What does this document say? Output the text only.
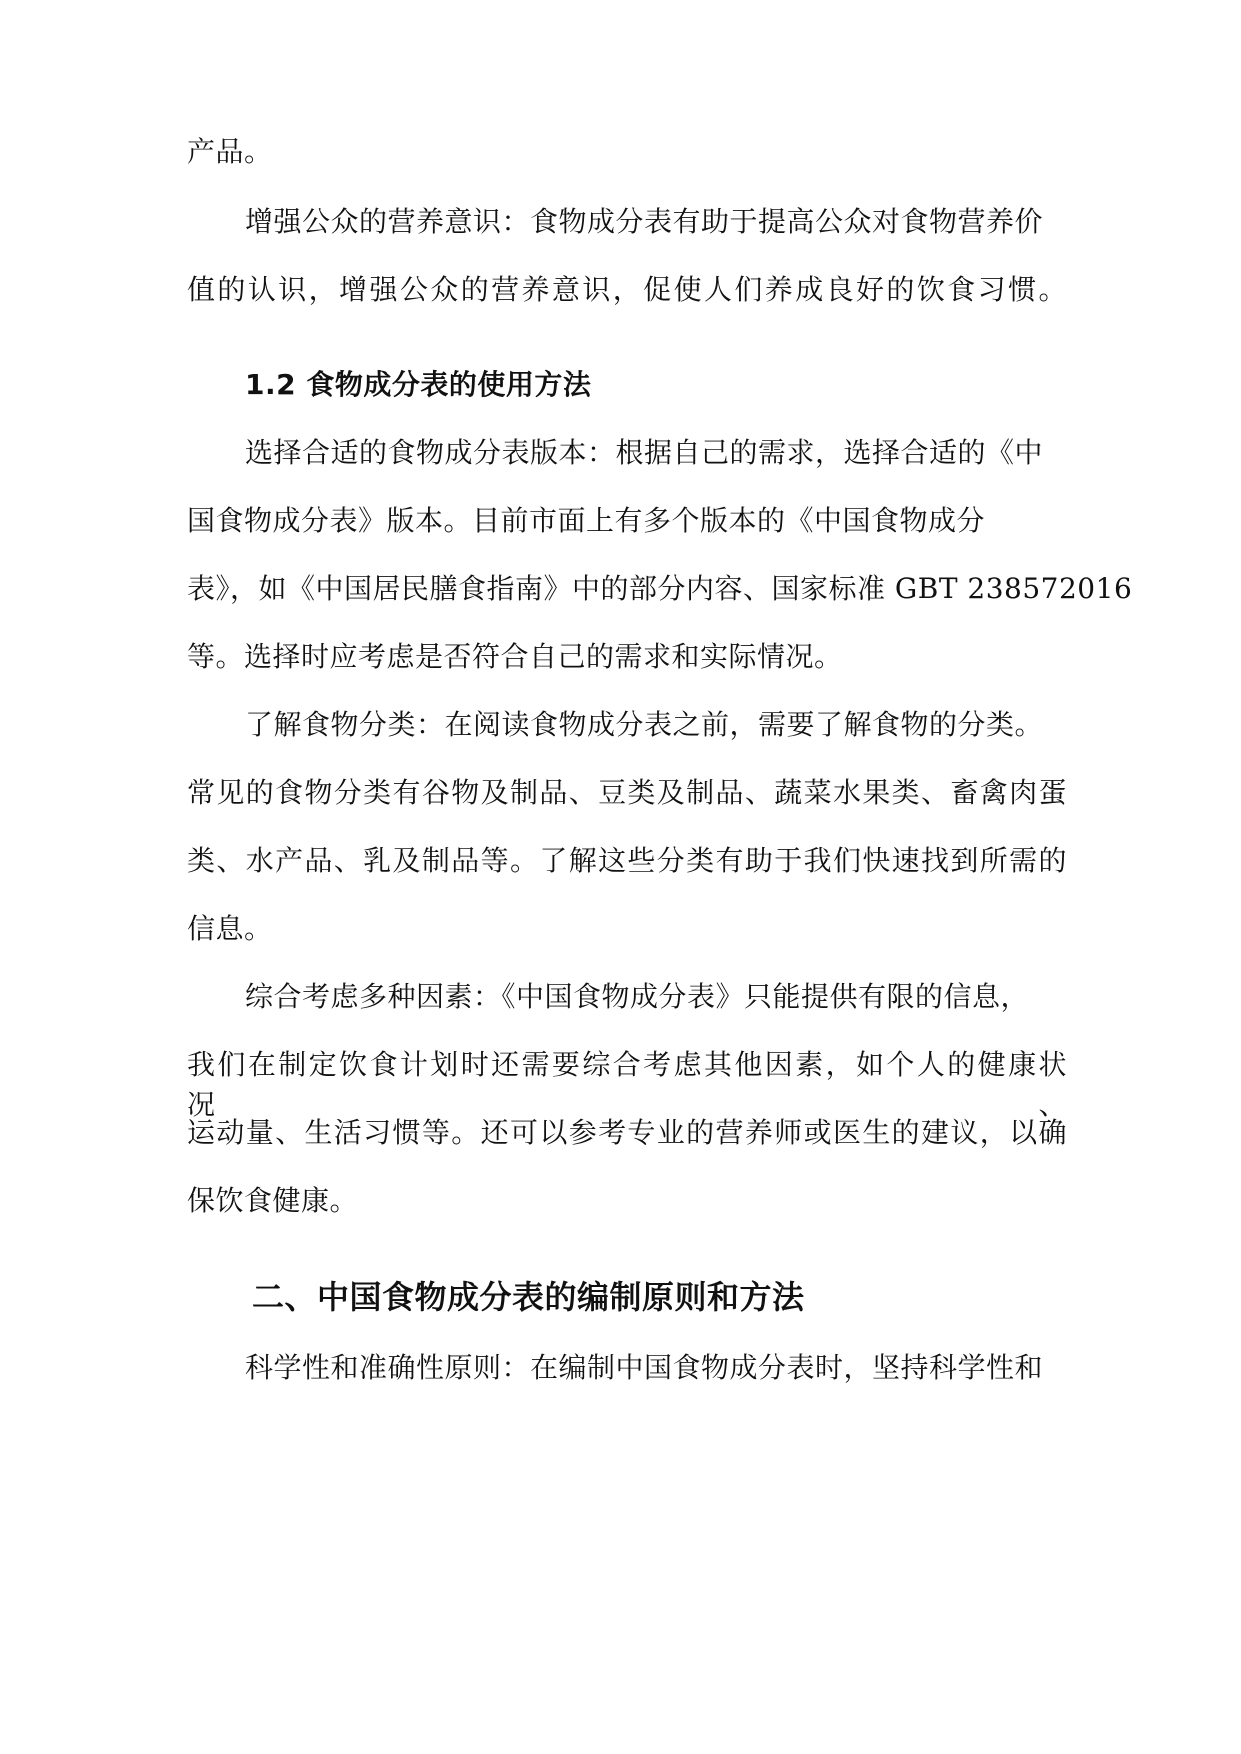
产品。
增强公众的营养意识：食物成分表有助于提高公众对食物营养价
值的认识，增强公众的营养意识，促使人们养成良好的饮食习惯。
1.2 食物成分表的使用方法
选择合适的食物成分表版本：根据自己的需求，选择合适的《中
国食物成分表》版本。目前市面上有多个版本的《中国食物成分
表》，如《中国居民膳食指南》中的部分内容、国家标准 GBT 238572016
等。选择时应考虑是否符合自己的需求和实际情况。
了解食物分类：在阅读食物成分表之前，需要了解食物的分类。
常见的食物分类有谷物及制品、豆类及制品、蔬菜水果类、畜禽肉蛋
类、水产品、乳及制品等。了解这些分类有助于我们快速找到所需的
信息。
综合考虑多种因素：《中国食物成分表》只能提供有限的信息，
我们在制定饮食计划时还需要综合考虑其他因素，如个人的健康状况、
运动量、生活习惯等。还可以参考专业的营养师或医生的建议，以确
保饮食健康。
二、中国食物成分表的编制原则和方法
科学性和准确性原则：在编制中国食物成分表时，坚持科学性和
